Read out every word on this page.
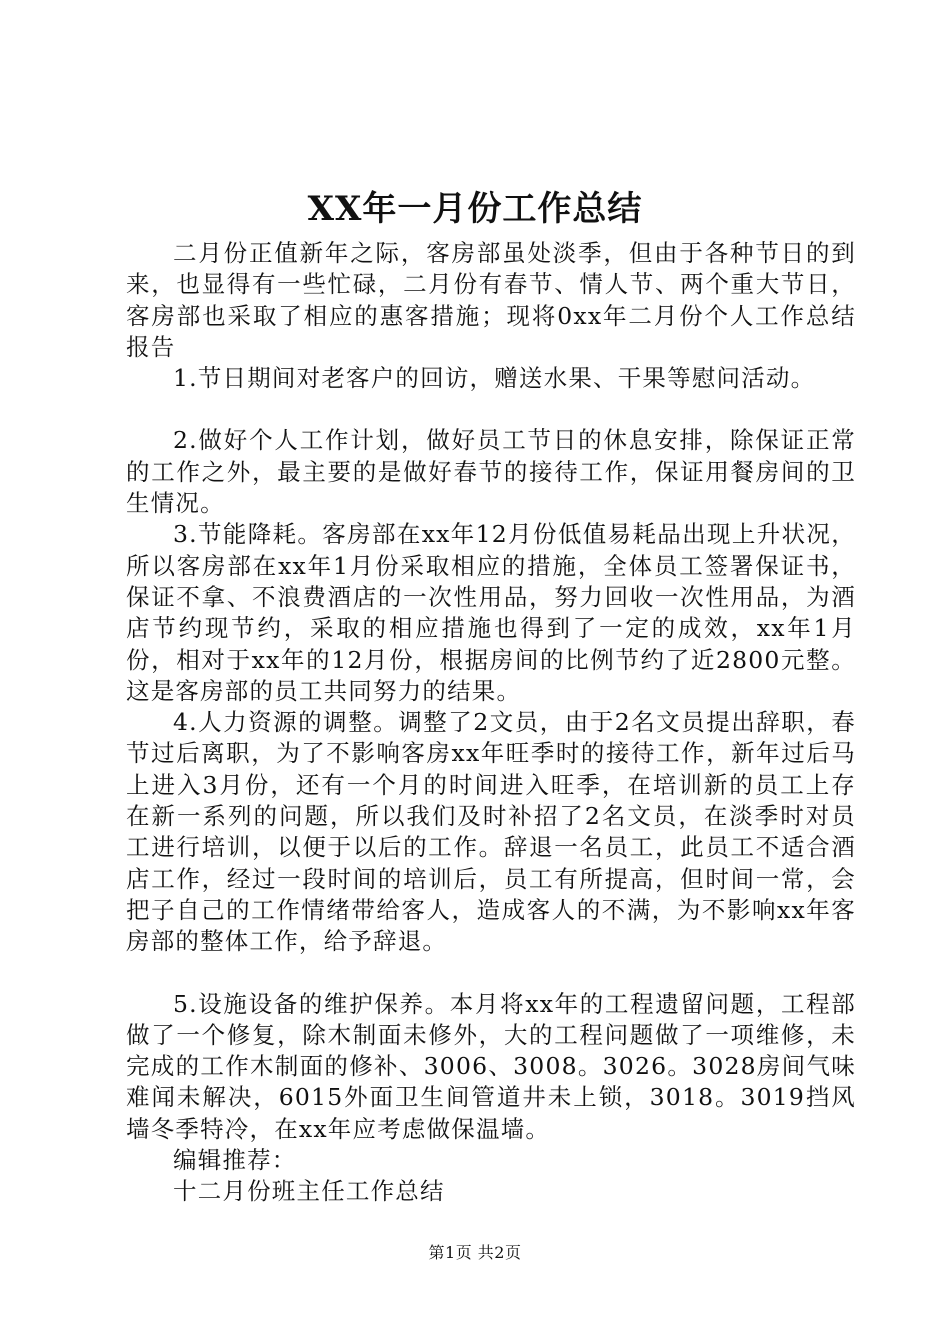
XX年一月份工作总结

二月份正值新年之际，客房部虽处淡季，但由于各种节日的到来，也显得有一些忙碌，二月份有春节、情人节、两个重大节日，客房部也采取了相应的惠客措施；现将0xx年二月份个人工作总结报告

1.节日期间对老客户的回访，赠送水果、干果等慰问活动。

2.做好个人工作计划，做好员工节日的休息安排，除保证正常的工作之外，最主要的是做好春节的接待工作，保证用餐房间的卫生情况。

3.节能降耗。客房部在xx年12月份低值易耗品出现上升状况，所以客房部在xx年1月份采取相应的措施，全体员工签署保证书，保证不拿、不浪费酒店的一次性用品，努力回收一次性用品，为酒店节约现节约，采取的相应措施也得到了一定的成效，xx年1月份，相对于xx年的12月份，根据房间的比例节约了近2800元整。这是客房部的员工共同努力的结果。

4.人力资源的调整。调整了2文员，由于2名文员提出辞职，春节过后离职，为了不影响客房xx年旺季时的接待工作，新年过后马上进入3月份，还有一个月的时间进入旺季，在培训新的员工上存在新一系列的问题，所以我们及时补招了2名文员，在淡季时对员工进行培训，以便于以后的工作。辞退一名员工，此员工不适合酒店工作，经过一段时间的培训后，员工有所提高，但时间一常，会把子自己的工作情绪带给客人，造成客人的不满，为不影响xx年客房部的整体工作，给予辞退。

5.设施设备的维护保养。本月将xx年的工程遗留问题，工程部做了一个修复，除木制面未修外，大的工程问题做了一项维修，未完成的工作木制面的修补、3006、3008。3026。3028房间气味难闻未解决，6015外面卫生间管道井未上锁，3018。3019挡风墙冬季特冷，在xx年应考虑做保温墙。

编辑推荐：

十二月份班主任工作总结

第1页 共2页
